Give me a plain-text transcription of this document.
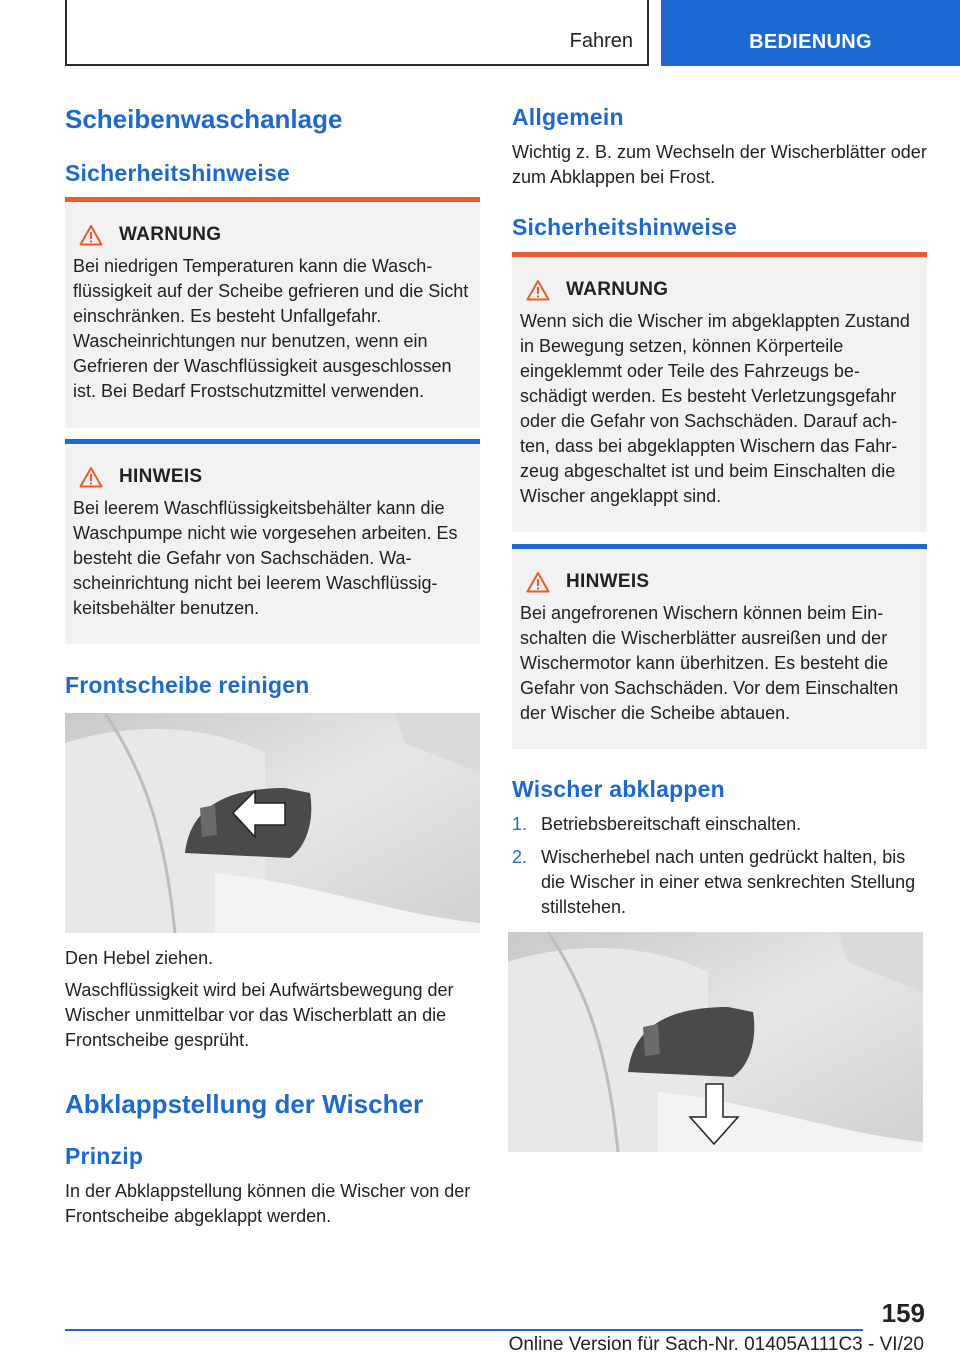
Fahren	BEDIENUNG
Scheibenwaschanlage
Sicherheitshinweise
WARNUNG
Bei niedrigen Temperaturen kann die Waschflüssigkeit auf der Scheibe gefrieren und die Sicht einschränken. Es besteht Unfallgefahr. Wascheinrichtungen nur benutzen, wenn ein Gefrieren der Waschflüssigkeit ausgeschlossen ist. Bei Bedarf Frostschutzmittel verwenden.
HINWEIS
Bei leerem Waschflüssigkeitsbehälter kann die Waschpumpe nicht wie vorgesehen arbeiten. Es besteht die Gefahr von Sachschäden. Wascheinrichtung nicht bei leerem Waschflüssigkeitsbehälter benutzen.
Frontscheibe reinigen
Den Hebel ziehen.
Waschflüssigkeit wird bei Aufwärtsbewegung der Wischer unmittelbar vor das Wischerblatt an die Frontscheibe gesprüht.
Abklappstellung der Wischer
Prinzip
In der Abklappstellung können die Wischer von der Frontscheibe abgeklappt werden.
Allgemein
Wichtig z. B. zum Wechseln der Wischerblätter oder zum Abklappen bei Frost.
Sicherheitshinweise
WARNUNG
Wenn sich die Wischer im abgeklappten Zustand in Bewegung setzen, können Körperteile eingeklemmt oder Teile des Fahrzeugs beschädigt werden. Es besteht Verletzungsgefahr oder die Gefahr von Sachschäden. Darauf achten, dass bei abgeklappten Wischern das Fahrzeug abgeschaltet ist und beim Einschalten die Wischer angeklappt sind.
HINWEIS
Bei angefrorenen Wischern können beim Einschalten die Wischerblätter ausreißen und der Wischermotor kann überhitzen. Es besteht die Gefahr von Sachschäden. Vor dem Einschalten der Wischer die Scheibe abtauen.
Wischer abklappen
1. Betriebsbereitschaft einschalten.
2. Wischerhebel nach unten gedrückt halten, bis die Wischer in einer etwa senkrechten Stellung stillstehen.
159
Online Version für Sach-Nr. 01405A111C3 - VI/20
